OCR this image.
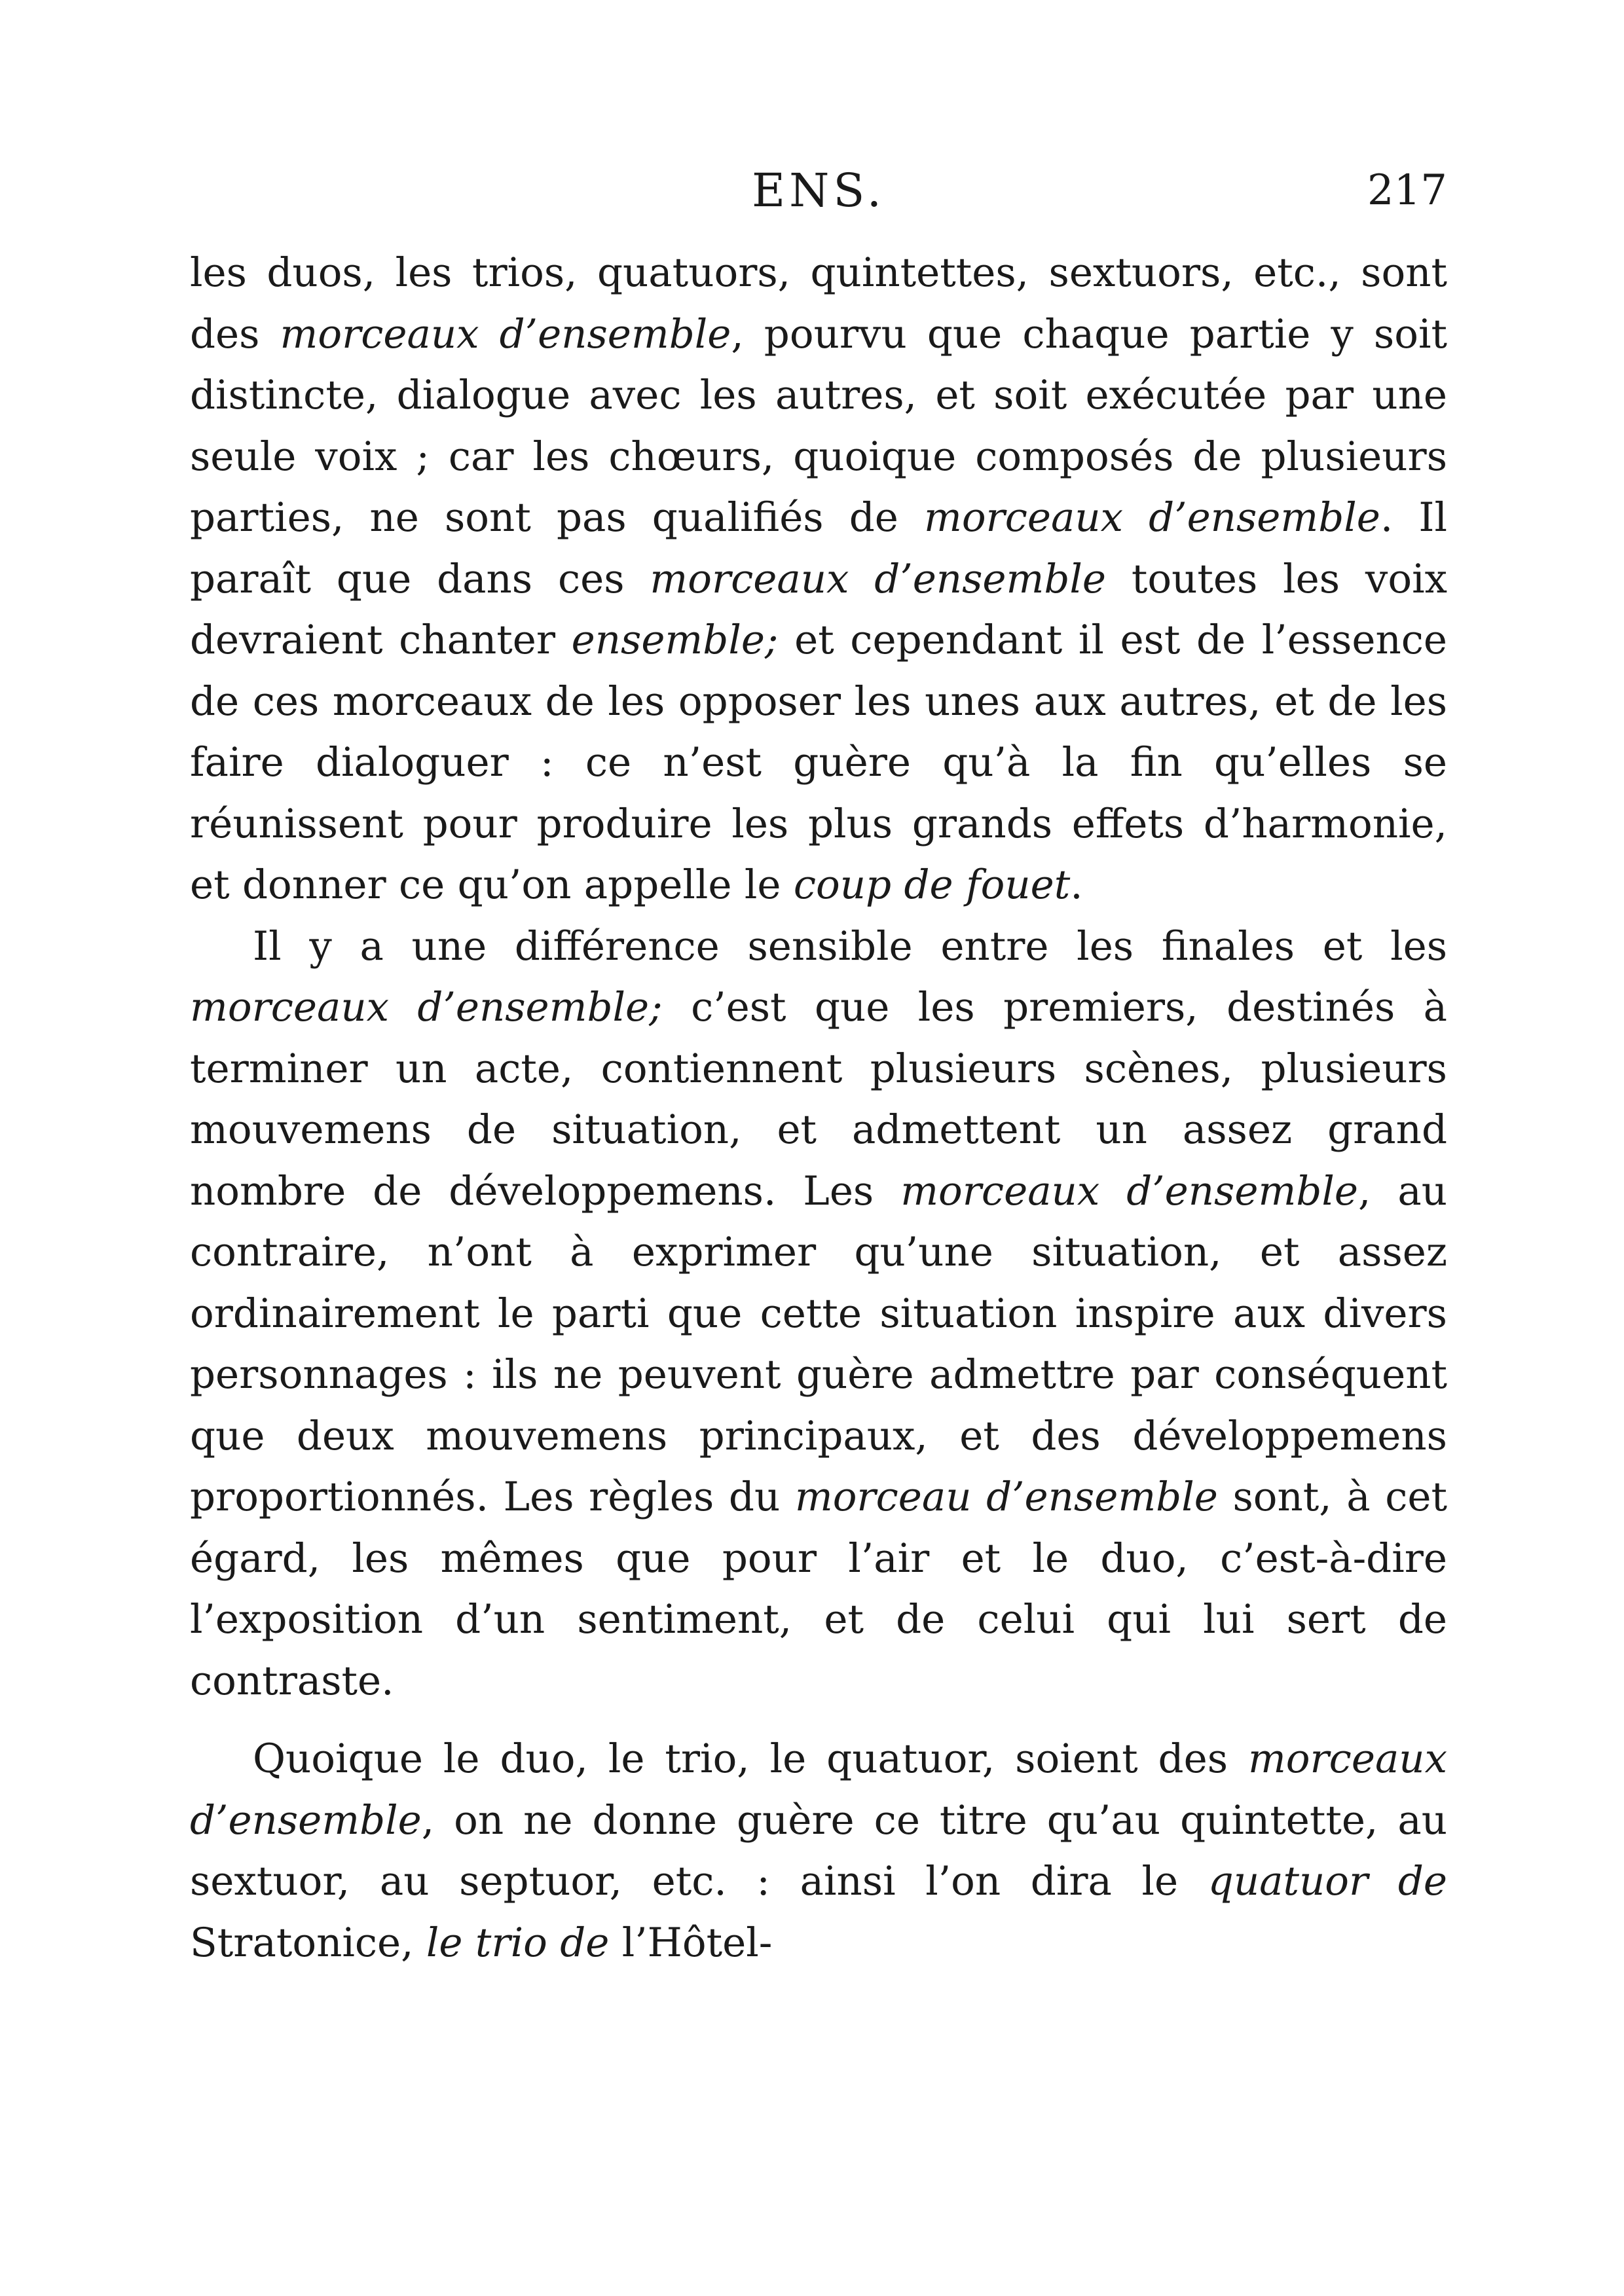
ENS.	217

les duos, les trios, quatuors, quintettes, sextuors, etc., sont des morceaux d’ensemble, pourvu que chaque partie y soit distincte, dialogue avec les autres, et soit exécutée par une seule voix ; car les chœurs, quoique composés de plusieurs parties, ne sont pas qualifiés de morceaux d’ensemble. Il paraît que dans ces morceaux d’ensemble toutes les voix devraient chanter ensemble; et cependant il est de l’essence de ces morceaux de les opposer les unes aux autres, et de les faire dialoguer : ce n’est guère qu’à la fin qu’elles se réunissent pour produire les plus grands effets d’harmonie, et donner ce qu’on appelle le coup de fouet.

Il y a une différence sensible entre les finales et les morceaux d’ensemble; c’est que les premiers, destinés à terminer un acte, contiennent plusieurs scènes, plusieurs mouvemens de situation, et admettent un assez grand nombre de développemens. Les morceaux d’ensemble, au contraire, n’ont à exprimer qu’une situation, et assez ordinairement le parti que cette situation inspire aux divers personnages : ils ne peuvent guère admettre par conséquent que deux mouvemens principaux, et des développemens proportionnés. Les règles du morceau d’ensemble sont, à cet égard, les mêmes que pour l’air et le duo, c’est-à-dire l’exposition d’un sentiment, et de celui qui lui sert de contraste.

Quoique le duo, le trio, le quatuor, soient des morceaux d’ensemble, on ne donne guère ce titre qu’au quintette, au sextuor, au septuor, etc. : ainsi l’on dira le quatuor de Stratonice, le trio de l’Hôtel-
